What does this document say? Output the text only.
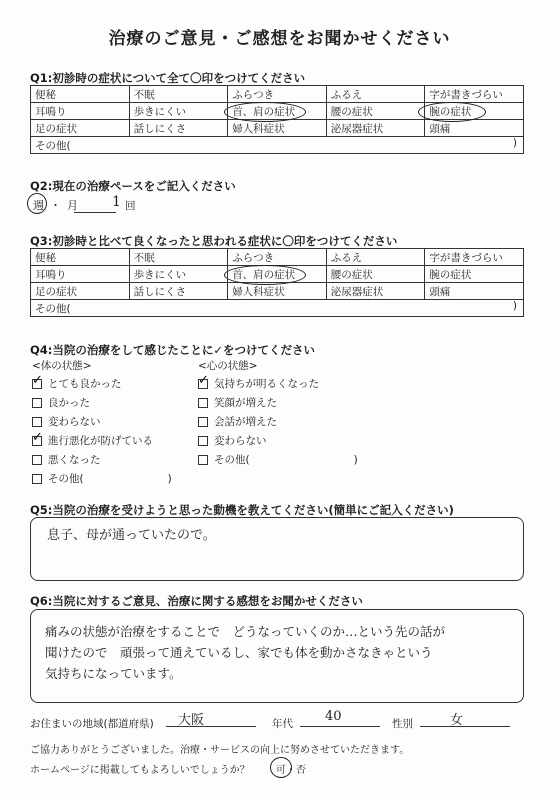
治療のご意見・ご感想をお聞かせください
Q1:初診時の症状について全て〇印をつけてください
便秘	不眠	ふらつき	ふるえ	字が書きづらい
耳鳴り	歩きにくい	首、肩の症状	腰の症状	腕の症状
足の症状	話しにくさ	婦人科症状	泌尿器症状	頭痛
その他( )				
Q2:現在の治療ペースをご記入ください
週 ・ 月 1 回
Q3:初診時と比べて良くなったと思われる症状に〇印をつけてください
便秘	不眠	ふらつき	ふるえ	字が書きづらい
耳鳴り	歩きにくい	首、肩の症状	腰の症状	腕の症状
足の症状	話しにくさ	婦人科症状	泌尿器症状	頭痛
その他( )				
Q4:当院の治療をして感じたことに✓をつけてください
<体の状態>	<心の状態>
✓
とても良かった
良かった
変わらない
✓
進行悪化が防げている
悪くなった
その他(	)
✓
気持ちが明るくなった
笑顔が増えた
会話が増えた
変わらない
その他(	)
Q5:当院の治療を受けようと思った動機を教えてください(簡単にご記入ください)
息子、母が通っていたので。
Q6:当院に対するご意見、治療に関する感想をお聞かせください
痛みの状態が治療をすることで　どうなっていくのか…という先の話が
聞けたので　頑張って通えているし、家でも体を動かさなきゃという
気持ちになっています。
お住まいの地域(都道府県) 大阪	年代 40	性別	女
ご協力ありがとうございました。治療・サービスの向上に努めさせていただきます。
ホームページに掲載してもよろしいでしょうか？	可・否
